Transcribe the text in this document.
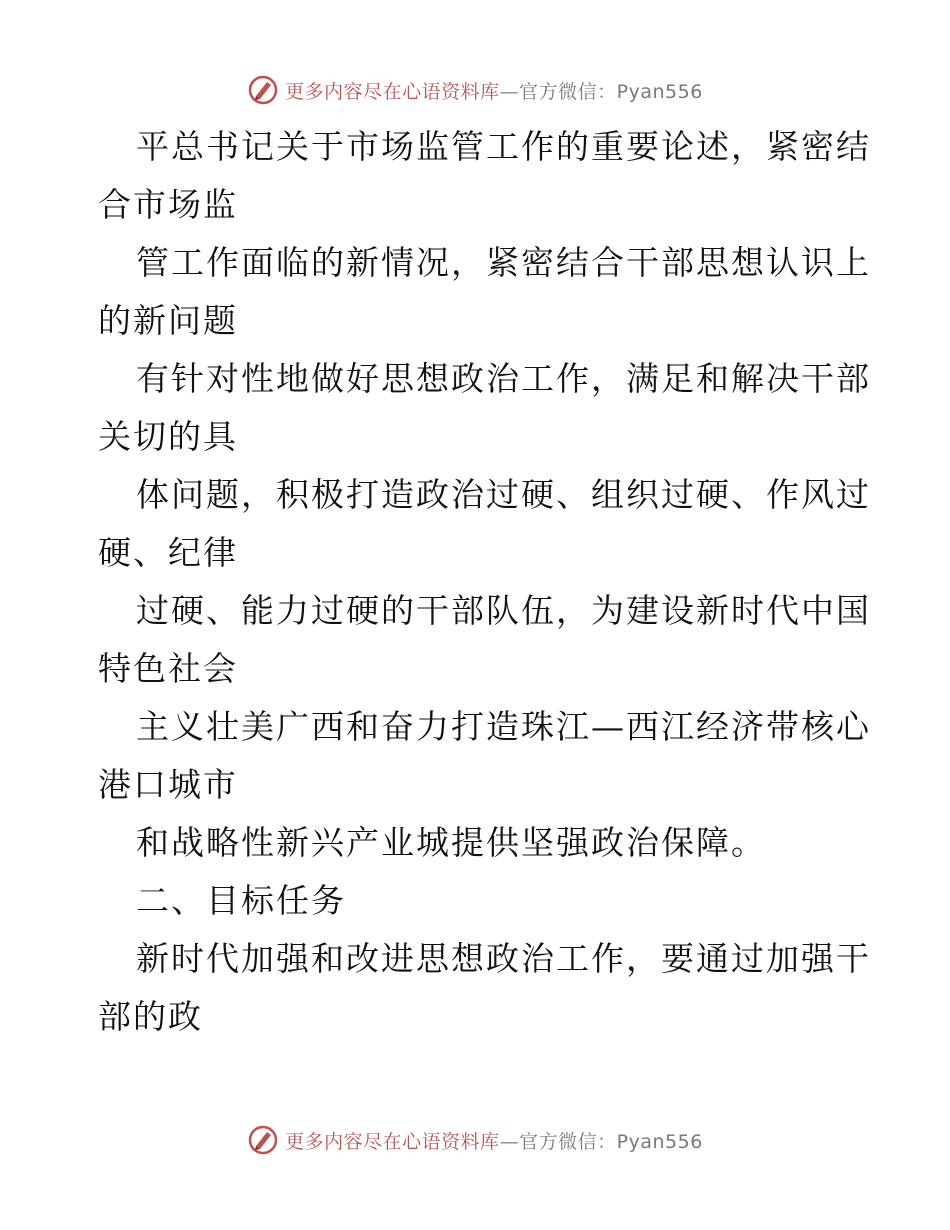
更多内容尽在心语资料库—官方微信：Pyan556
平总书记关于市场监管工作的重要论述，紧密结
合市场监
管工作面临的新情况，紧密结合干部思想认识上
的新问题
有针对性地做好思想政治工作，满足和解决干部
关切的具
体问题，积极打造政治过硬、组织过硬、作风过
硬、纪律
过硬、能力过硬的干部队伍，为建设新时代中国
特色社会
主义壮美广西和奋力打造珠江—西江经济带核心
港口城市
和战略性新兴产业城提供坚强政治保障。
二、目标任务
新时代加强和改进思想政治工作，要通过加强干
部的政
更多内容尽在心语资料库—官方微信：Pyan556
